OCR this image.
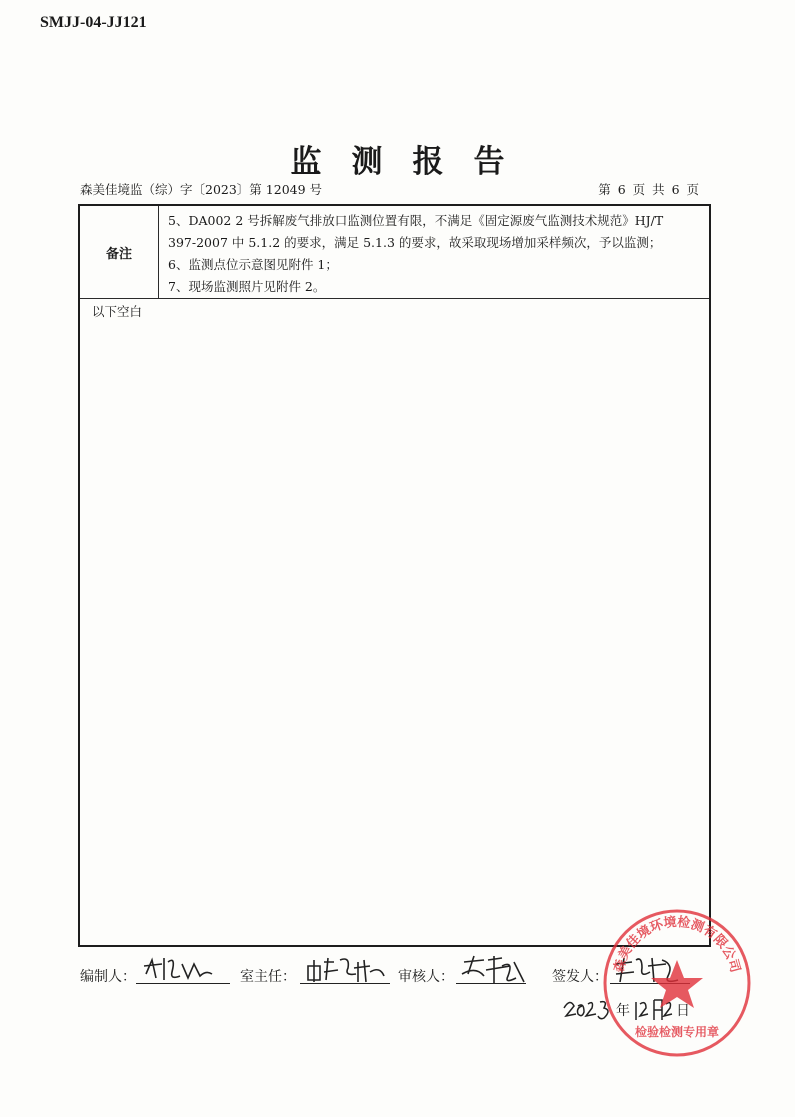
SMJJ-04-JJ121
监测报告
森美佳境监（综）字〔2023〕第 12049 号	第 6 页 共 6 页
备注
5、DA002 2 号拆解废气排放口监测位置有限，不满足《固定源废气监测技术规范》HJ/T
397-2007 中 5.1.2 的要求，满足 5.1.3 的要求，故采取现场增加采样频次，予以监测；
6、监测点位示意图见附件 1；
7、现场监测照片见附件 2。
以下空白
编制人：	室主任：	审核人：	签发人：
年	日
森美佳境环境检测有限公司
检验检测专用章
